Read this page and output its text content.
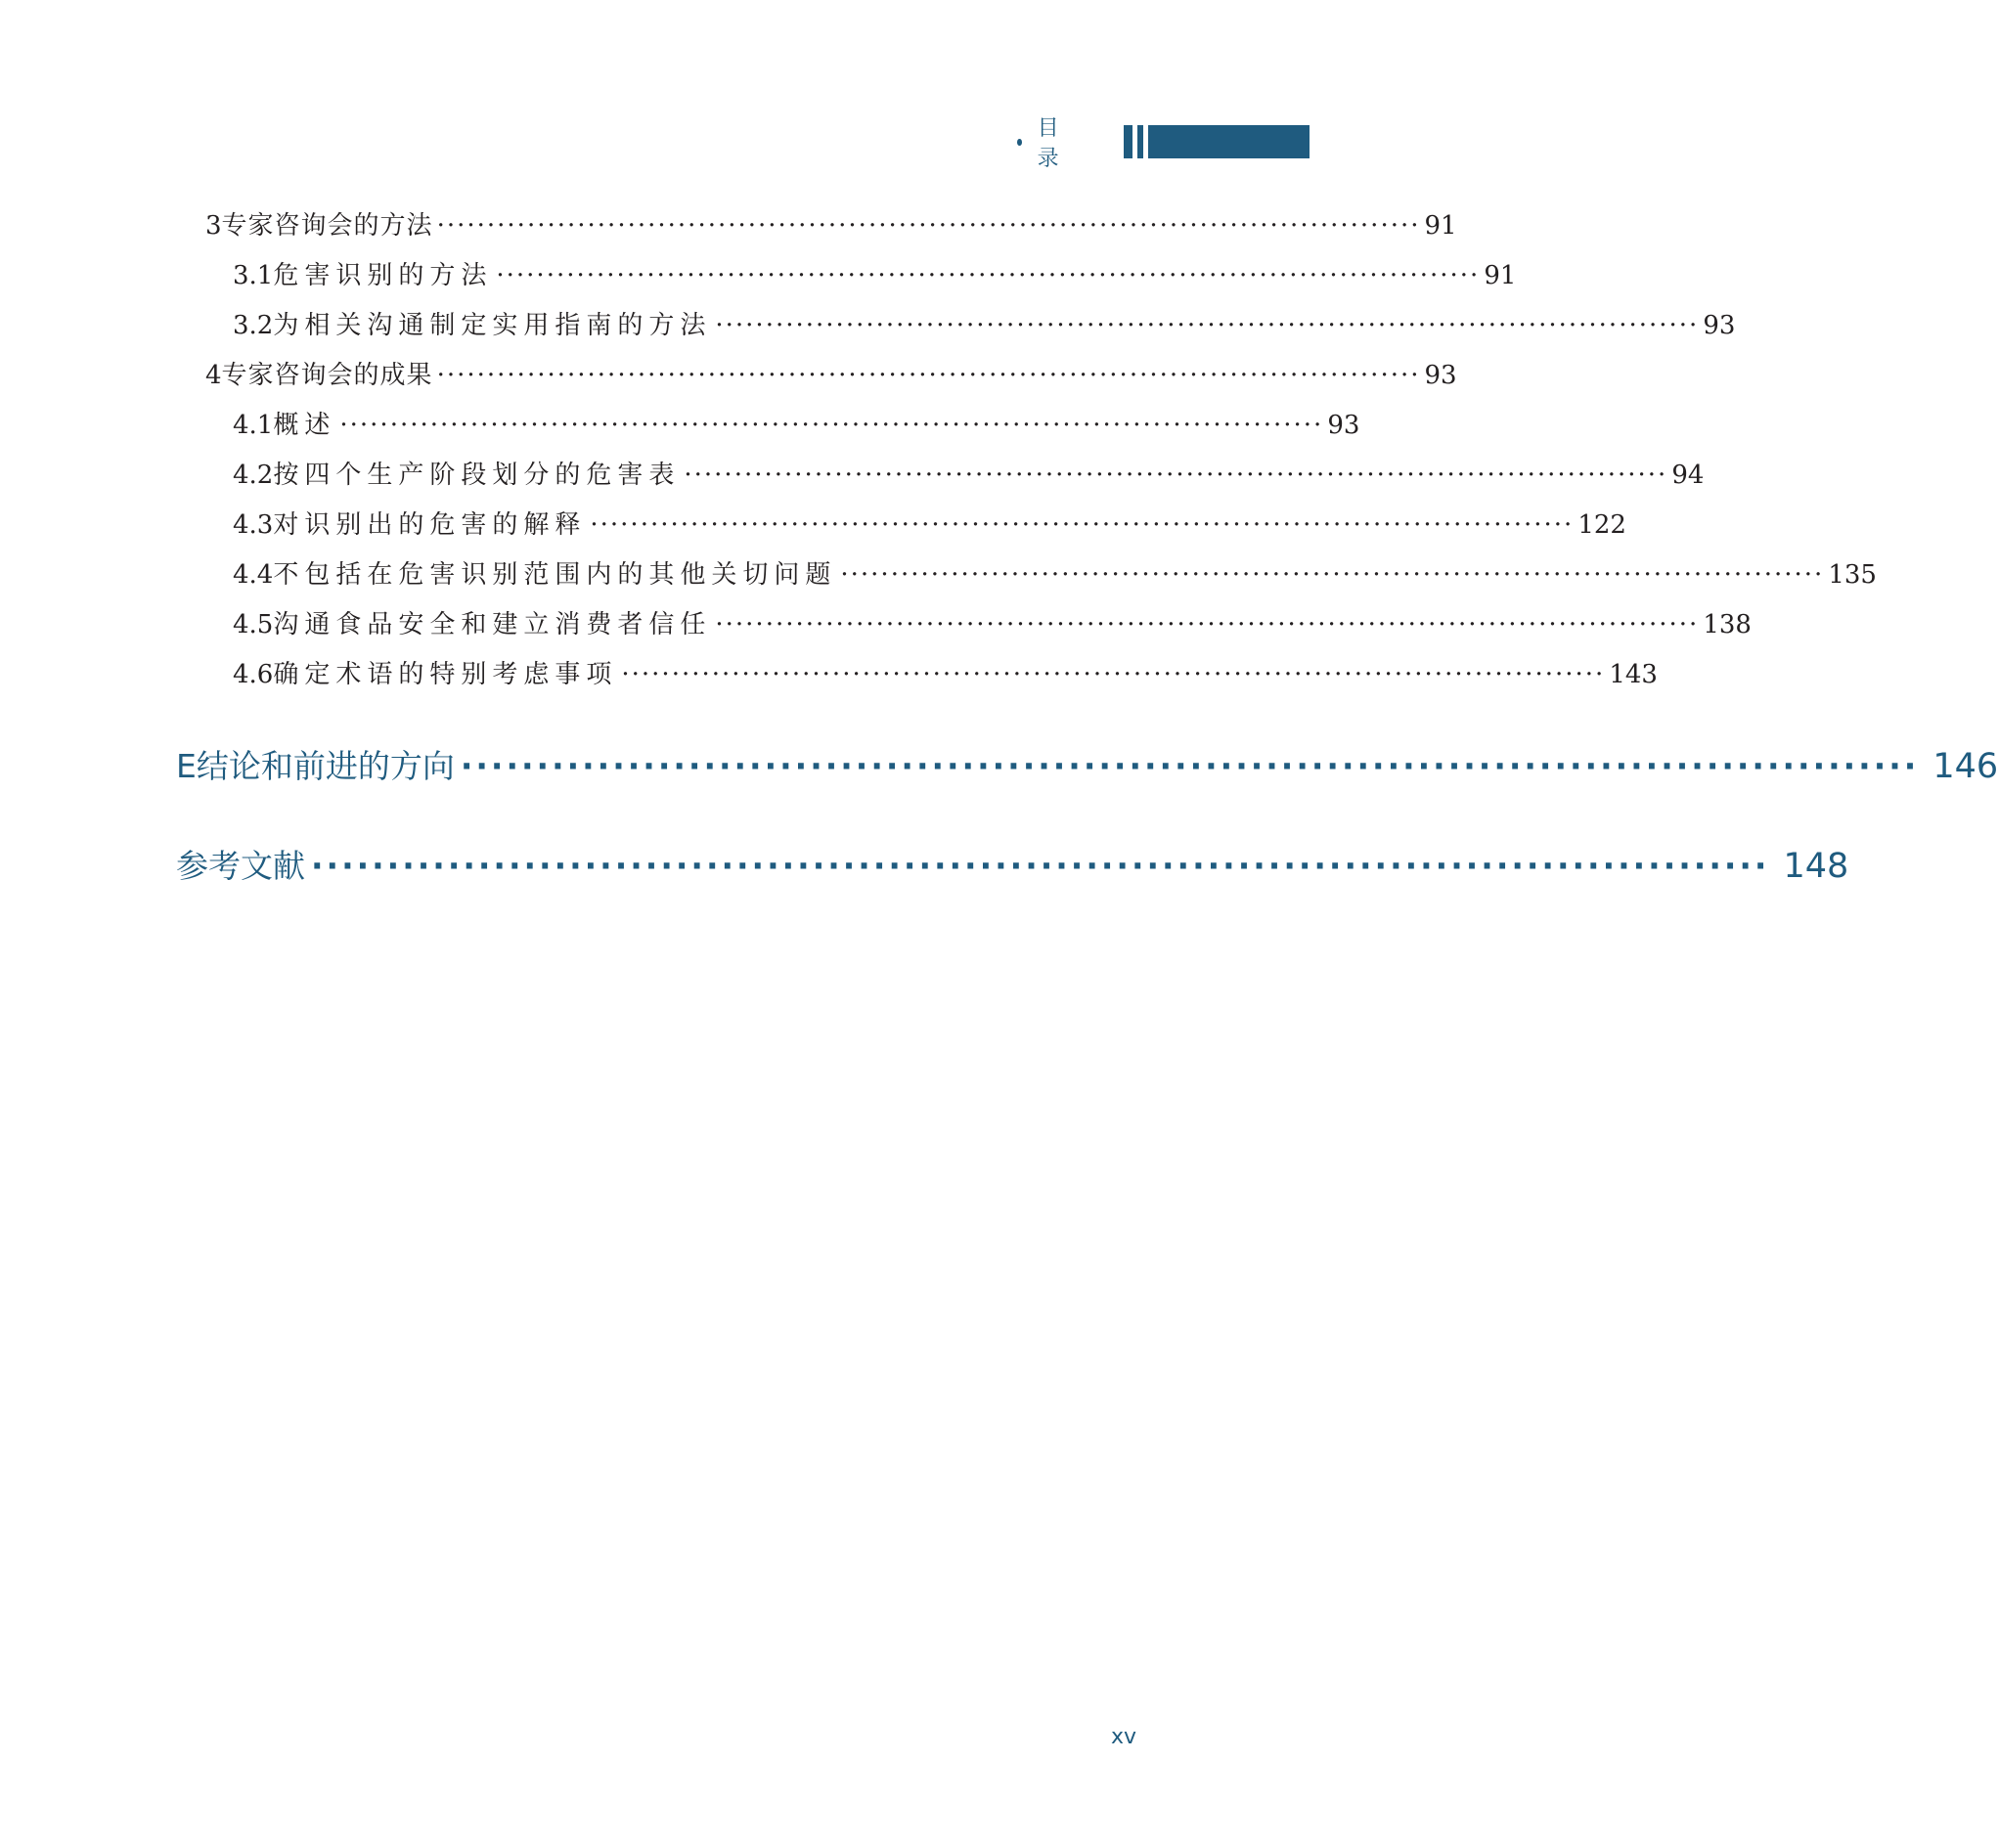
目 录
3 专家咨询会的方法 ·································································································· 91
3.1 危害识别的方法 ·································································································· 91
3.2 为相关沟通制定实用指南的方法 ·································································································· 93
4 专家咨询会的成果 ·································································································· 93
4.1 概述 ·································································································· 93
4.2 按四个生产阶段划分的危害表 ·································································································· 94
4.3 对识别出的危害的解释 ·································································································· 122
4.4 不包括在危害识别范围内的其他关切问题 ·································································································· 135
4.5 沟通食品安全和建立消费者信任 ·································································································· 138
4.6 确定术语的特别考虑事项 ·································································································· 143
E 结论和前进的方向 ································································································ 146
参考文献 ································································································ 148
xv
